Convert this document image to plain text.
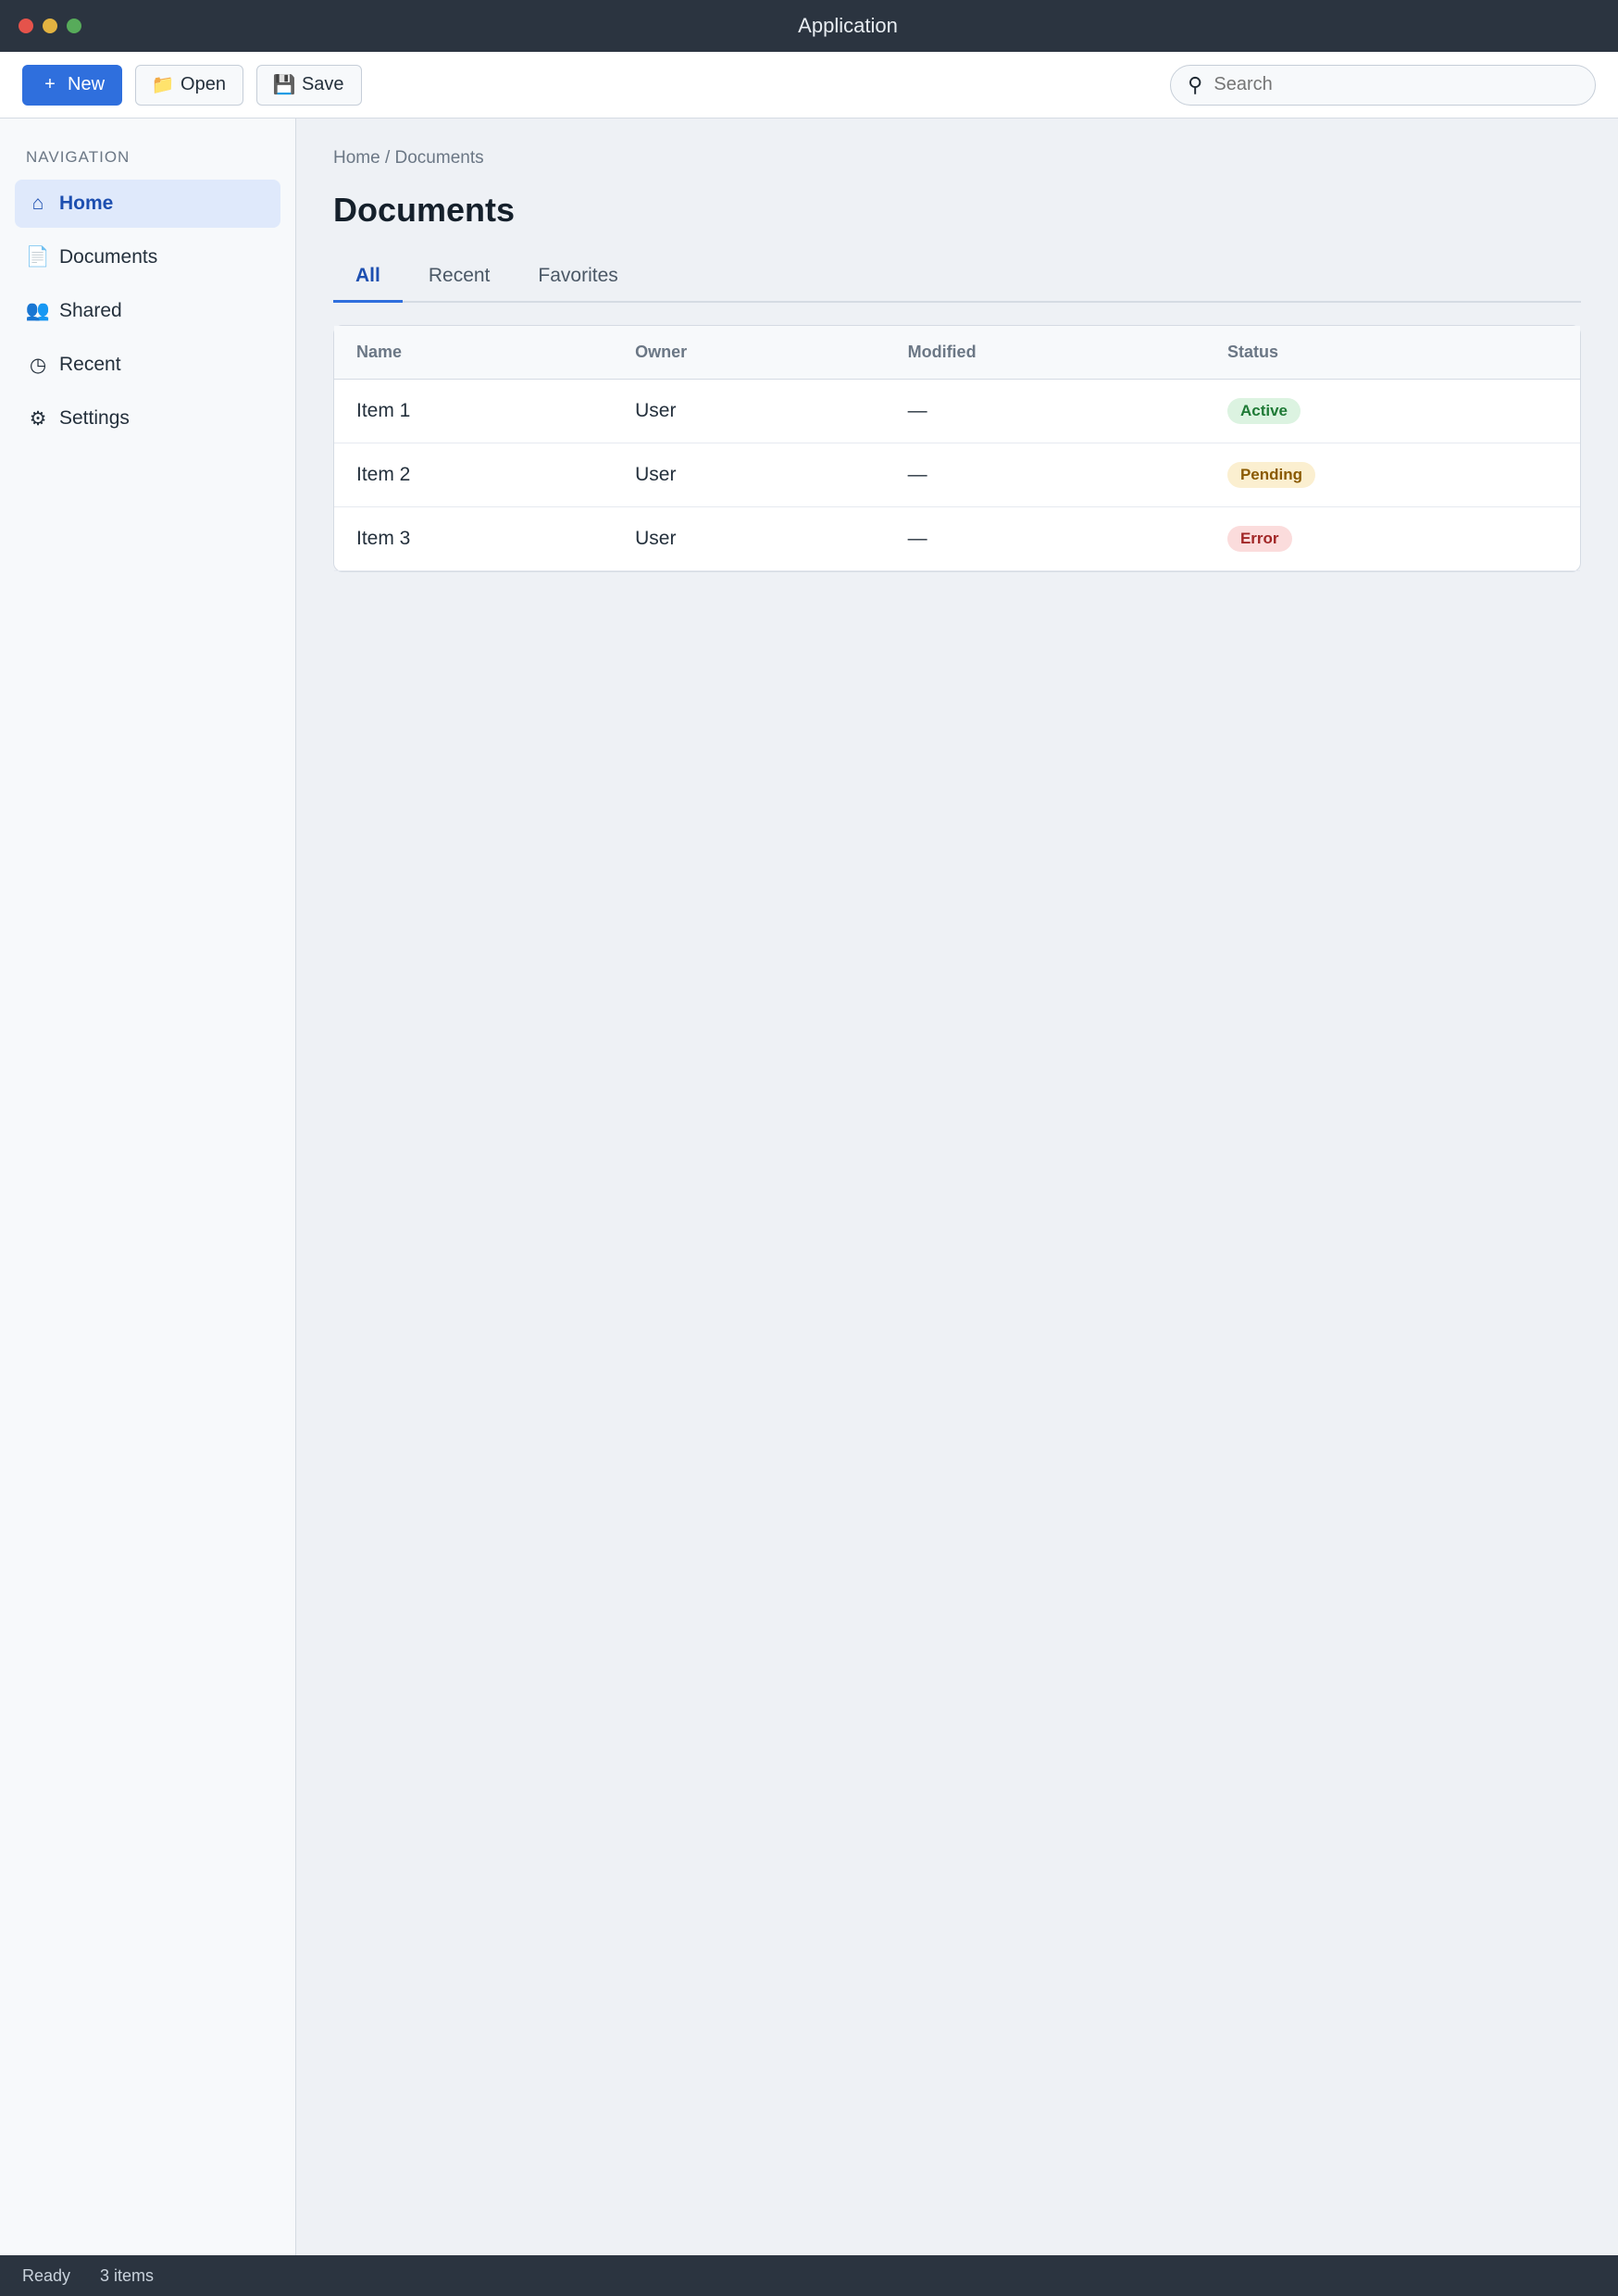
Application
+ New	📁 Open	💾 Save	⚲
Search
NAVIGATION
⌂ Home
📄 Documents
👥 Shared
◷ Recent
⚙ Settings
Home / Documents
Documents
All	Recent	Favorites
Name	Owner	Modified	Status
Item 1	User	—	Active
Item 2	User	—	Pending
Item 3	User	—	Error
Ready 3 items
